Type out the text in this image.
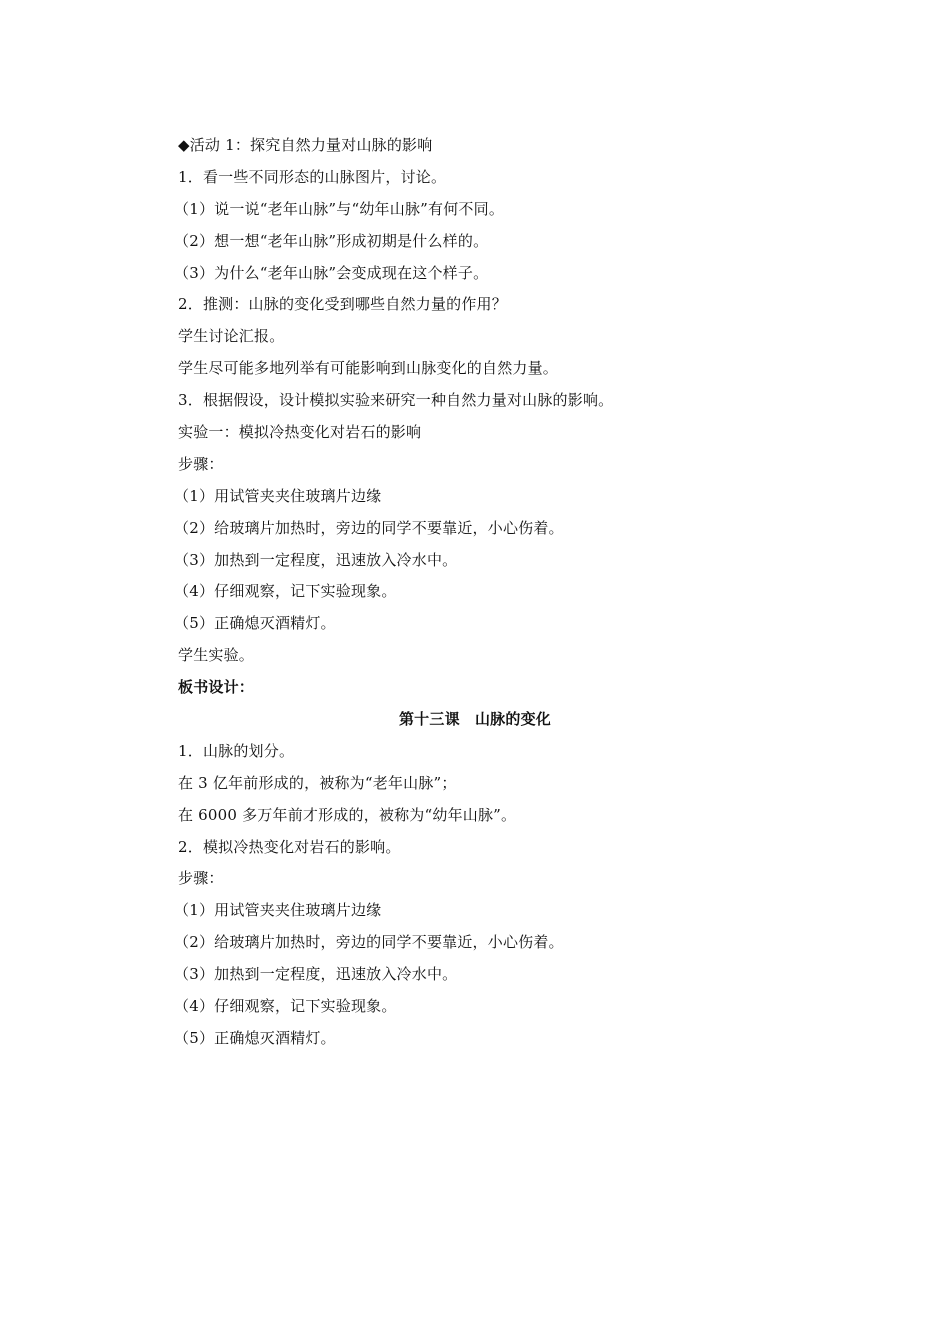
◆活动 1：探究自然力量对山脉的影响
1．看一些不同形态的山脉图片，讨论。
（1）说一说“老年山脉”与“幼年山脉”有何不同。
（2）想一想“老年山脉”形成初期是什么样的。
（3）为什么“老年山脉”会变成现在这个样子。
2．推测：山脉的变化受到哪些自然力量的作用？
学生讨论汇报。
学生尽可能多地列举有可能影响到山脉变化的自然力量。
3．根据假设，设计模拟实验来研究一种自然力量对山脉的影响。
实验一：模拟冷热变化对岩石的影响
步骤：
（1）用试管夹夹住玻璃片边缘
（2）给玻璃片加热时，旁边的同学不要靠近，小心伤着。
（3）加热到一定程度，迅速放入冷水中。
（4）仔细观察，记下实验现象。
（5）正确熄灭酒精灯。
学生实验。
板书设计：
第十三课　山脉的变化
1．山脉的划分。
在 3 亿年前形成的，被称为“老年山脉”；
在 6000 多万年前才形成的，被称为“幼年山脉”。
2．模拟冷热变化对岩石的影响。
步骤：
（1）用试管夹夹住玻璃片边缘
（2）给玻璃片加热时，旁边的同学不要靠近，小心伤着。
（3）加热到一定程度，迅速放入冷水中。
（4）仔细观察，记下实验现象。
（5）正确熄灭酒精灯。
